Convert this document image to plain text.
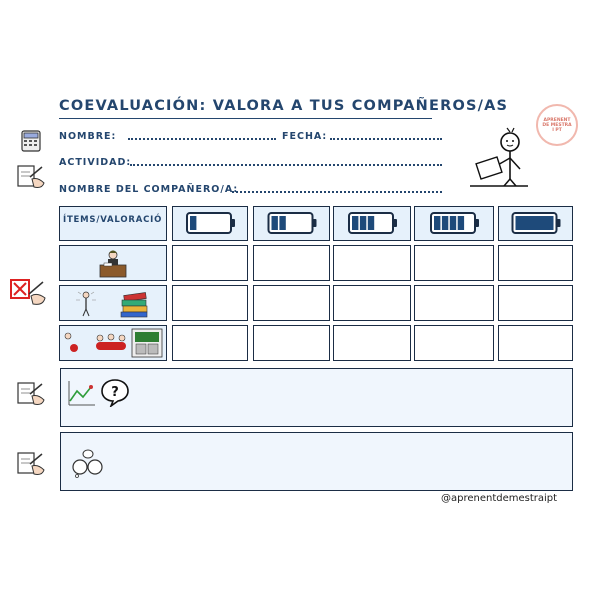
COEVALUACIÓN: VALORA A TUS COMPAÑEROS/AS
APRENENT
DE MESTRA
I PT
NOMBRE:	FECHA:
ACTIVIDAD:
NOMBRE DEL COMPAÑERO/A:
ÍTEMS/VALORACIÓ
?
@aprenentdemestraipt
